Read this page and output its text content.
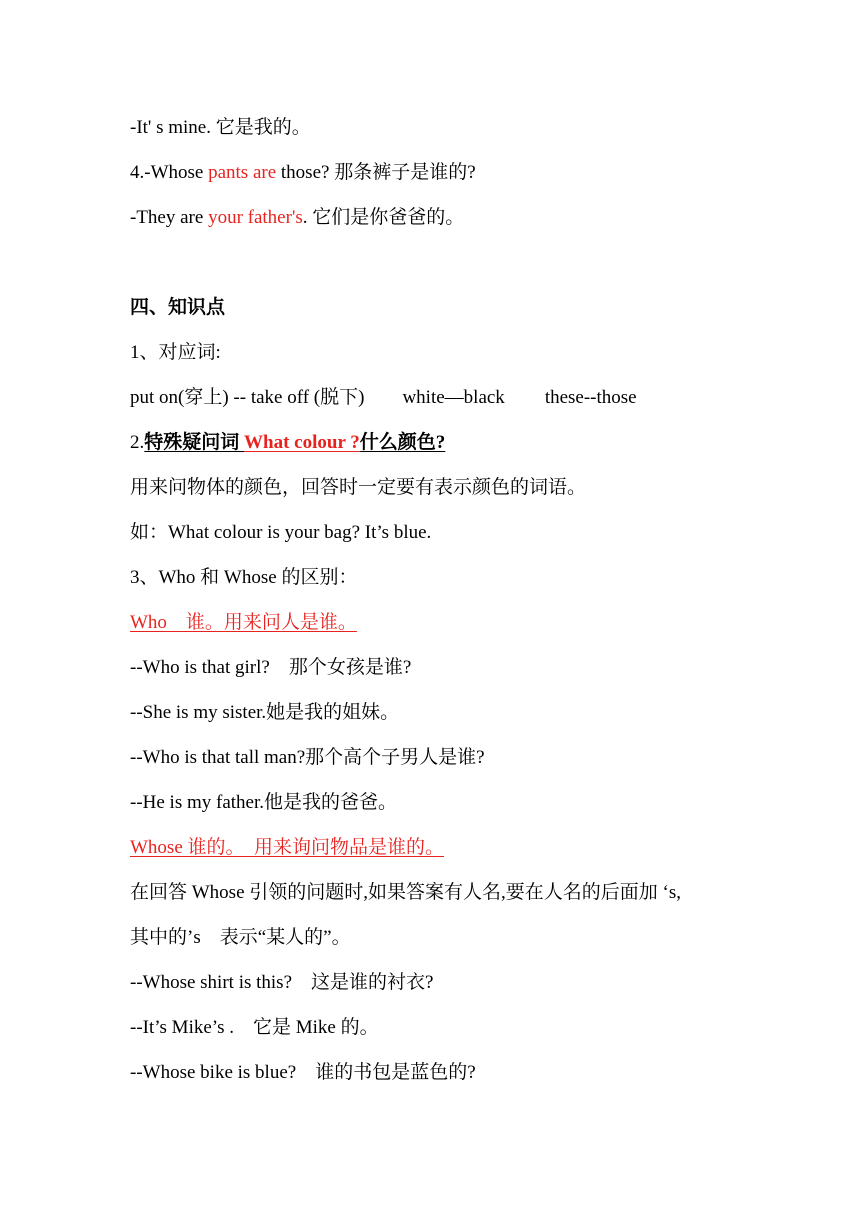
-It' s mine. 它是我的。
4.-Whose pants are those? 那条裤子是谁的?
-They are your father's. 它们是你爸爸的。
四、知识点
1、对应词:
put on(穿上) -- take off (脱下) white—black these--those
2.特殊疑问词 What colour ?什么颜色?
用来问物体的颜色，回答时一定要有表示颜色的词语。
如：What colour is your bag? It’s blue.
3、Who 和 Whose 的区别：
Who　谁。用来问人是谁。
--Who is that girl?　那个女孩是谁?
--She is my sister.她是我的姐妹。
--Who is that tall man?那个高个子男人是谁?
--He is my father.他是我的爸爸。
Whose 谁的。　用来询问物品是谁的。
在回答 Whose 引领的问题时,如果答案有人名,要在人名的后面加 ‘s,
其中的’s　表示“某人的”。
--Whose shirt is this?　这是谁的衬衣?
--It’s Mike’s .　它是 Mike 的。
--Whose bike is blue?　谁的书包是蓝色的?
